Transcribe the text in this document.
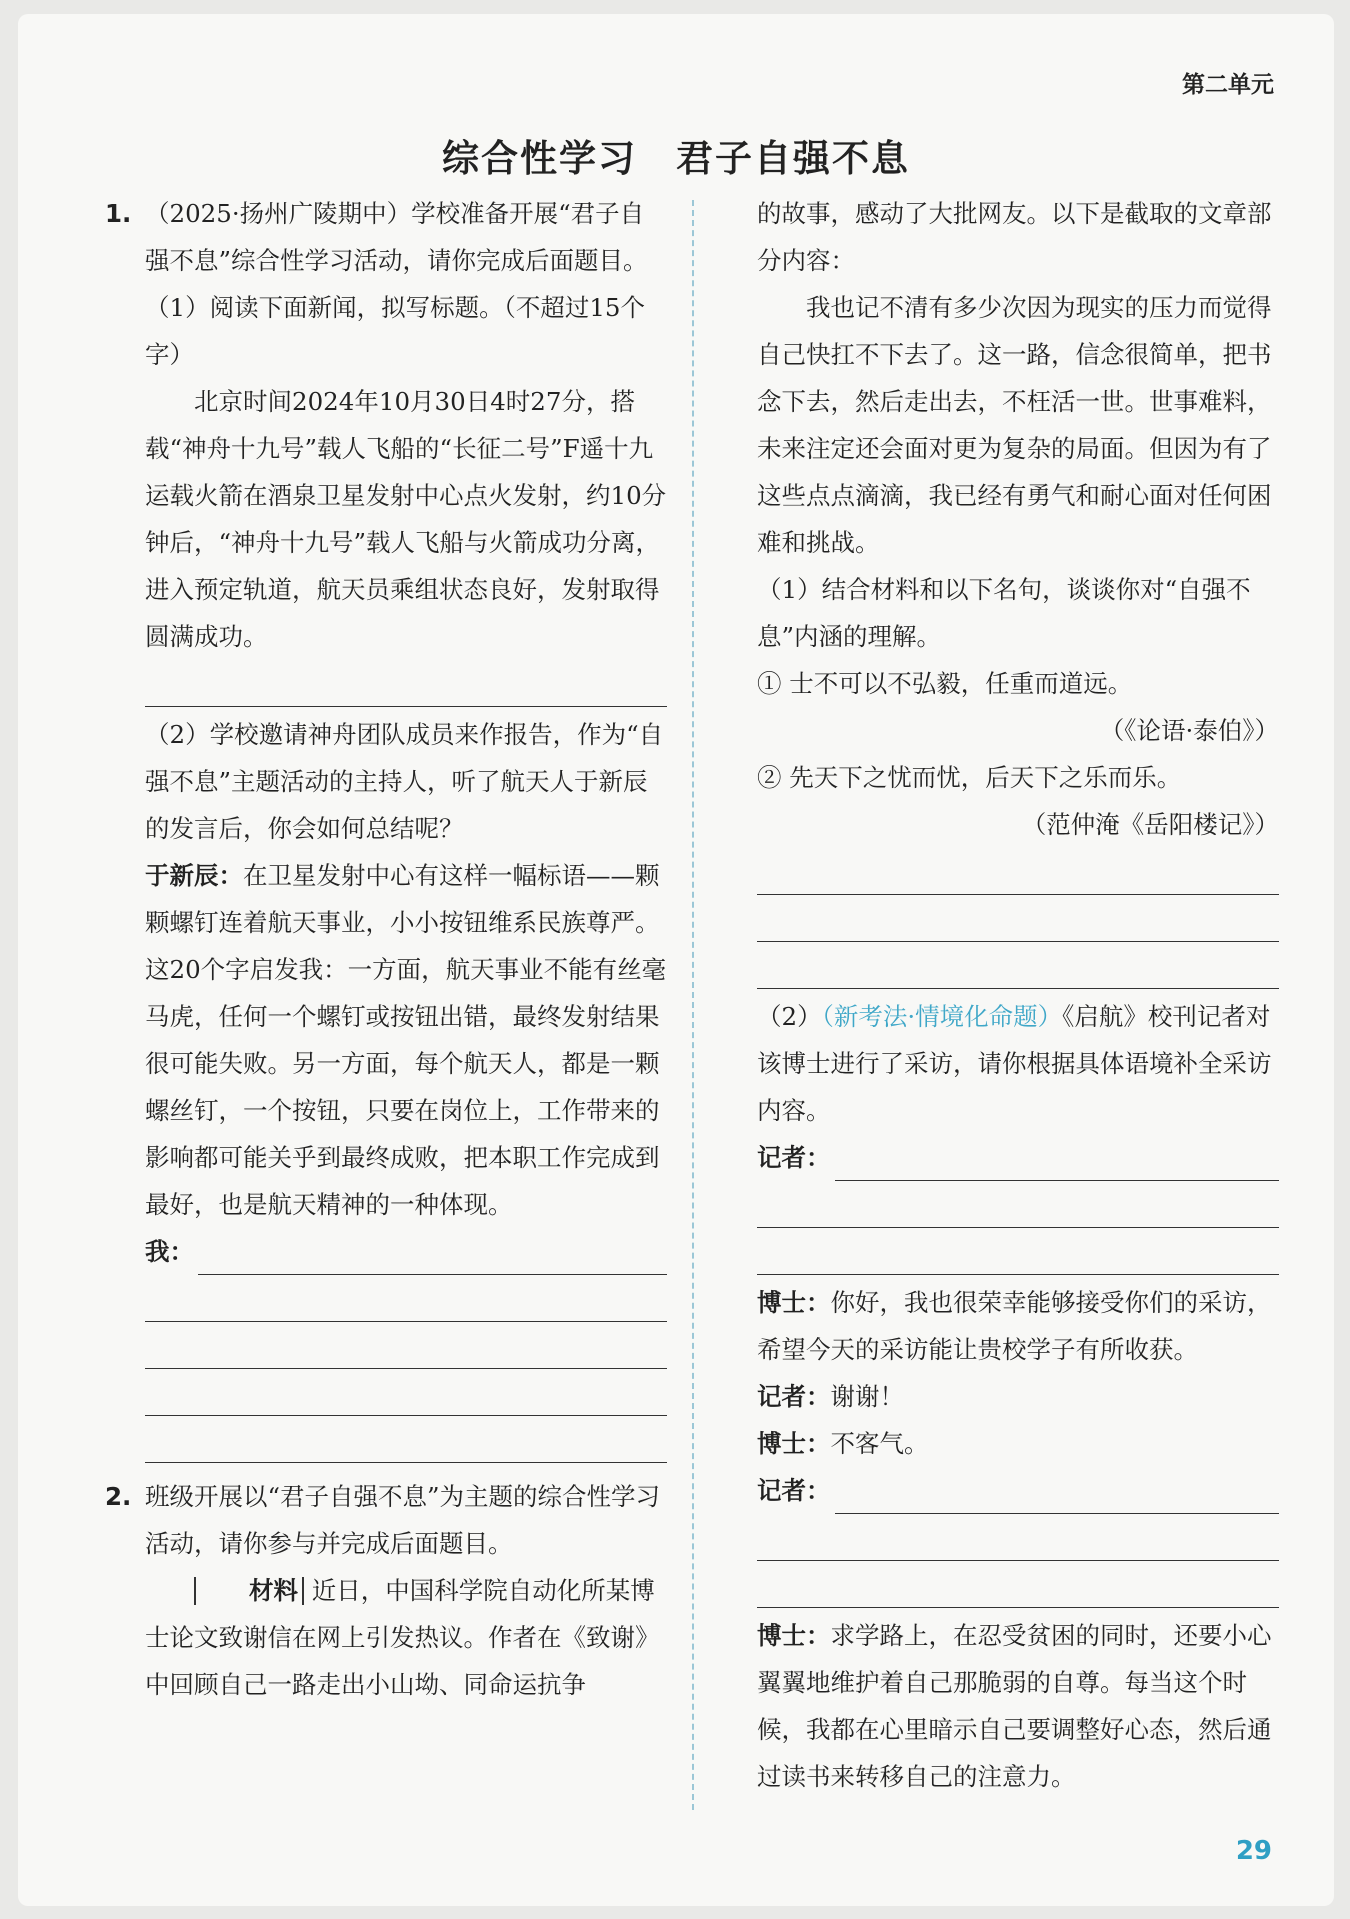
第二单元
综合性学习　君子自强不息
29

1. （2025·扬州广陵期中）学校准备开展“君子自强不息”综合性学习活动，请你完成后面题目。

（1）阅读下面新闻，拟写标题。（不超过15个字）

北京时间2024年10月30日4时27分，搭载“神舟十九号”载人飞船的“长征二号”F遥十九运载火箭在酒泉卫星发射中心点火发射，约10分钟后，“神舟十九号”载人飞船与火箭成功分离，进入预定轨道，航天员乘组状态良好，发射取得圆满成功。

（2）学校邀请神舟团队成员来作报告，作为“自强不息”主题活动的主持人，听了航天人于新辰的发言后，你会如何总结呢？

于新辰：在卫星发射中心有这样一幅标语——颗颗螺钉连着航天事业，小小按钮维系民族尊严。这20个字启发我：一方面，航天事业不能有丝毫马虎，任何一个螺钉或按钮出错，最终发射结果很可能失败。另一方面，每个航天人，都是一颗螺丝钉，一个按钮，只要在岗位上，工作带来的影响都可能关乎到最终成败，把本职工作完成到最好，也是航天精神的一种体现。

我：

2. 班级开展以“君子自强不息”为主题的综合性学习活动，请你参与并完成后面题目。

材料 近日，中国科学院自动化所某博士论文致谢信在网上引发热议。作者在《致谢》中回顾自己一路走出小山坳、同命运抗争

的故事，感动了大批网友。以下是截取的文章部分内容：

我也记不清有多少次因为现实的压力而觉得自己快扛不下去了。这一路，信念很简单，把书念下去，然后走出去，不枉活一世。世事难料，未来注定还会面对更为复杂的局面。但因为有了这些点点滴滴，我已经有勇气和耐心面对任何困难和挑战。

（1）结合材料和以下名句，谈谈你对“自强不息”内涵的理解。

① 士不可以不弘毅，任重而道远。

（《论语·泰伯》）

② 先天下之忧而忧，后天下之乐而乐。

（范仲淹《岳阳楼记》）

（2）（新考法·情境化命题）《启航》校刊记者对该博士进行了采访，请你根据具体语境补全采访内容。

记者：

博士：你好，我也很荣幸能够接受你们的采访，希望今天的采访能让贵校学子有所收获。

记者：谢谢！

博士：不客气。

记者：

博士：求学路上，在忍受贫困的同时，还要小心翼翼地维护着自己那脆弱的自尊。每当这个时候，我都在心里暗示自己要调整好心态，然后通过读书来转移自己的注意力。
